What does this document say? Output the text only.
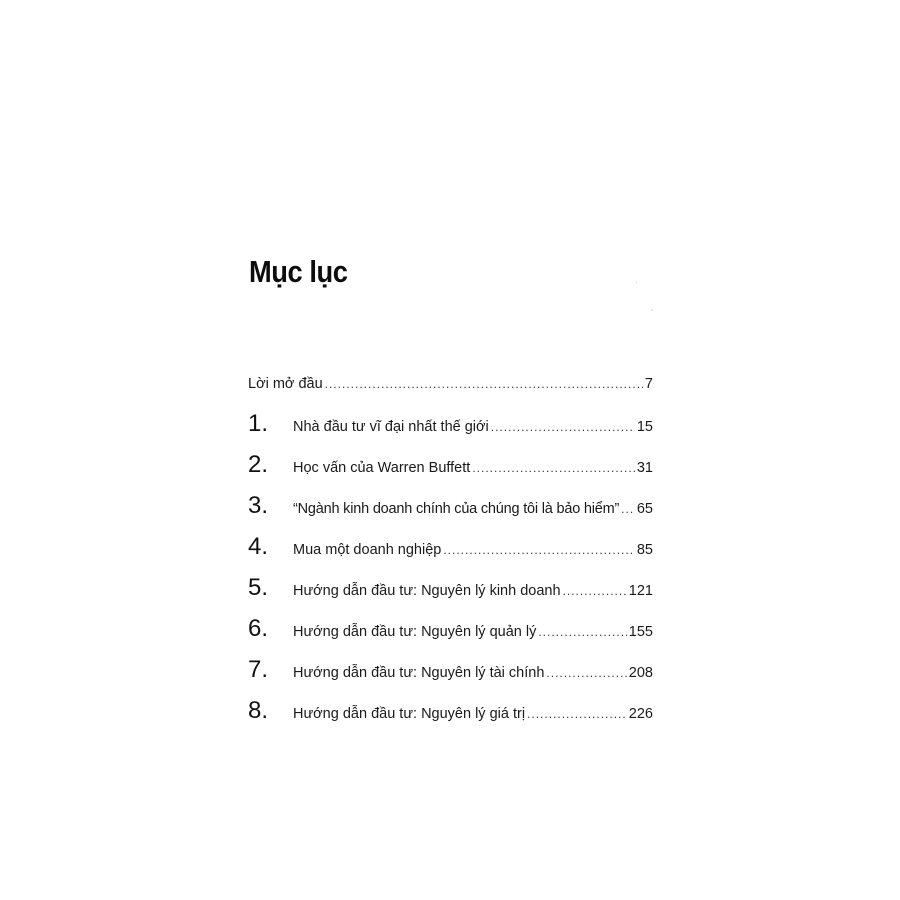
Mục lục
Lời mở đầu .....	7
1.	Nhà đầu tư vĩ đại nhất thế giới .....	15
2.	Học vấn của Warren Buffett .....	31
3.	“Ngành kinh doanh chính của chúng tôi là bảo hiểm” ..... 65
4.	Mua một doanh nghiệp .....	85
5.	Hướng dẫn đầu tư: Nguyên lý kinh doanh .....	121
6.	Hướng dẫn đầu tư: Nguyên lý quản lý .....	155
7.	Hướng dẫn đầu tư: Nguyên lý tài chính .....	208
8.	Hướng dẫn đầu tư: Nguyên lý giá trị .....	226
